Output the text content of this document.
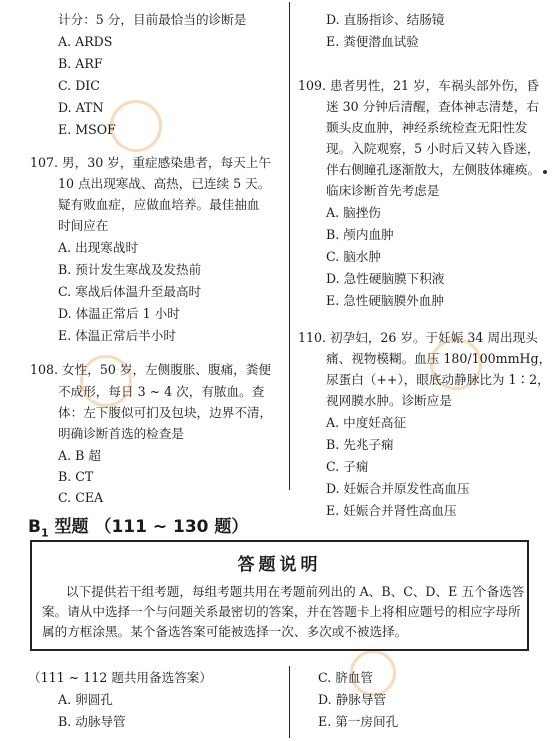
计分：5 分，目前最恰当的诊断是
A. ARDS
B. ARF
C. DIC
D. ATN
E. MSOF
107. 男，30 岁，重症感染患者，每天上午
10 点出现寒战、高热，已连续 5 天。
疑有败血症，应做血培养。最佳抽血
时间应在
A. 出现寒战时
B. 预计发生寒战及发热前
C. 寒战后体温升至最高时
D. 体温正常后 1 小时
E. 体温正常后半小时
108. 女性，50 岁，左侧腹胀、腹痛，粪便
不成形，每日 3 ~ 4 次，有脓血。查
体：左下腹似可扪及包块，边界不清，
明确诊断首选的检查是
A. B 超
B. CT
C. CEA
D. 直肠指诊、结肠镜
E. 粪便潜血试验
109. 患者男性，21 岁，车祸头部外伤，昏
迷 30 分钟后清醒，查体神志清楚，右
颞头皮血肿，神经系统检查无阳性发
现。入院观察，5 小时后又转入昏迷，
伴右侧瞳孔逐渐散大，左侧肢体瘫痪。
临床诊断首先考虑是
A. 脑挫伤
B. 颅内血肿
C. 脑水肿
D. 急性硬脑膜下积液
E. 急性硬脑膜外血肿
110. 初孕妇，26 岁。于妊娠 34 周出现头
痛、视物模糊。血压 180/100mmHg，
尿蛋白（++），眼底动静脉比为 1∶2，
视网膜水肿。诊断应是
A. 中度妊高征
B. 先兆子痫
C. 子痫
D. 妊娠合并原发性高血压
E. 妊娠合并肾性高血压
$B_1$ 型题 （111 ~ 130 题）
答题说明
以下提供若干组考题，每组考题共用在考题前列出的 A、B、C、D、E 五个备选答
案。请从中选择一个与问题关系最密切的答案，并在答题卡上将相应题号的相应字母所
属的方框涂黑。某个备选答案可能被选择一次、多次或不被选择。
（111 ~ 112 题共用备选答案）
A. 卵圆孔
B. 动脉导管
C. 脐血管
D. 静脉导管
E. 第一房间孔
